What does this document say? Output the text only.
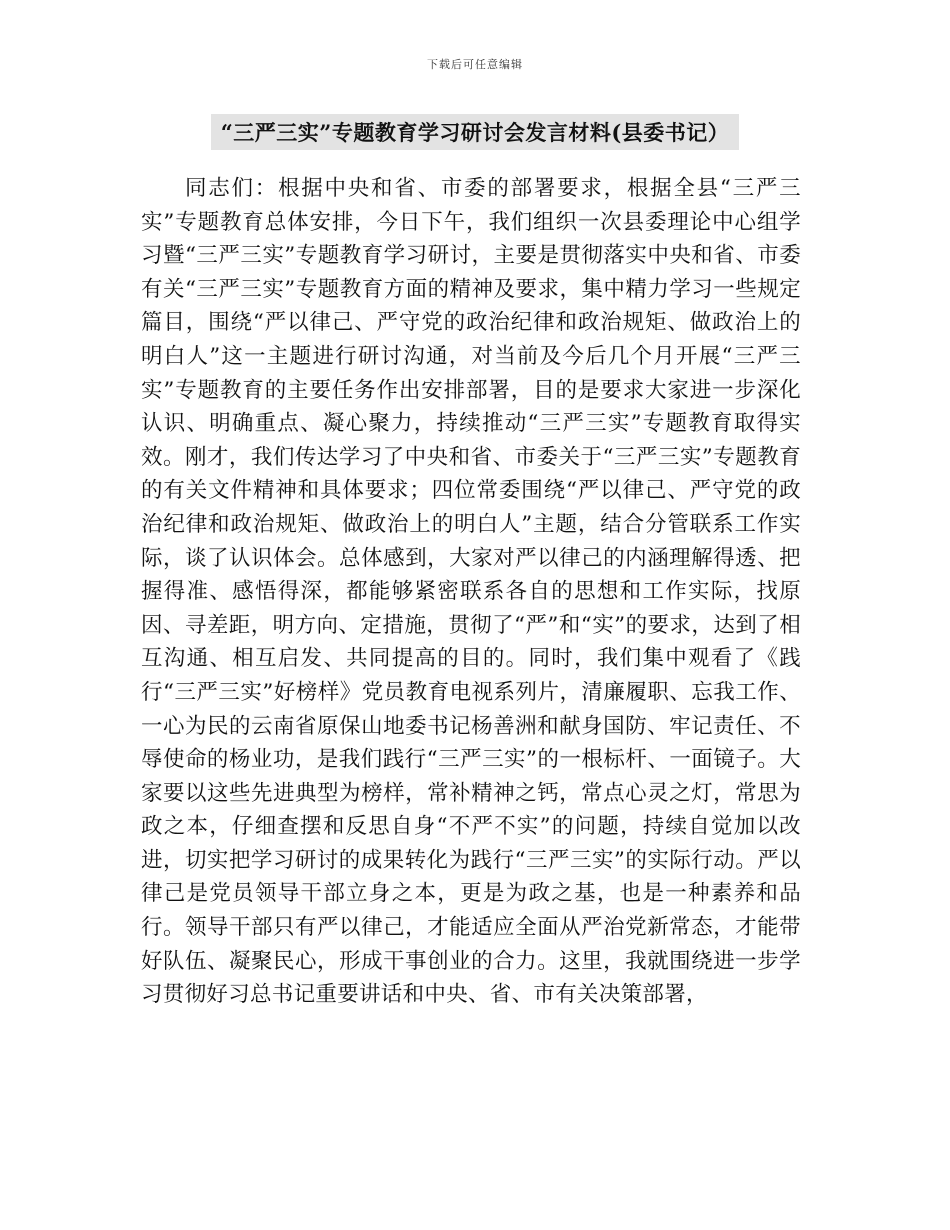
下载后可任意编辑
“三严三实”专题教育学习研讨会发言材料(县委书记）

同志们：根据中央和省、市委的部署要求，根据全县“三严三实”专题教育总体安排，今日下午，我们组织一次县委理论中心组学习暨“三严三实”专题教育学习研讨，主要是贯彻落实中央和省、市委有关“三严三实”专题教育方面的精神及要求，集中精力学习一些规定篇目，围绕“严以律己、严守党的政治纪律和政治规矩、做政治上的明白人”这一主题进行研讨沟通，对当前及今后几个月开展“三严三实”专题教育的主要任务作出安排部署，目的是要求大家进一步深化认识、明确重点、凝心聚力，持续推动“三严三实”专题教育取得实效。刚才，我们传达学习了中央和省、市委关于“三严三实”专题教育的有关文件精神和具体要求；四位常委围绕“严以律己、严守党的政治纪律和政治规矩、做政治上的明白人”主题，结合分管联系工作实际，谈了认识体会。总体感到，大家对严以律己的内涵理解得透、把握得准、感悟得深，都能够紧密联系各自的思想和工作实际，找原因、寻差距，明方向、定措施，贯彻了“严”和“实”的要求，达到了相互沟通、相互启发、共同提高的目的。同时，我们集中观看了《践行“三严三实”好榜样》党员教育电视系列片，清廉履职、忘我工作、一心为民的云南省原保山地委书记杨善洲和献身国防、牢记责任、不辱使命的杨业功，是我们践行“三严三实”的一根标杆、一面镜子。大家要以这些先进典型为榜样，常补精神之钙，常点心灵之灯，常思为政之本，仔细查摆和反思自身“不严不实”的问题，持续自觉加以改进，切实把学习研讨的成果转化为践行“三严三实”的实际行动。严以律己是党员领导干部立身之本，更是为政之基，也是一种素养和品行。领导干部只有严以律己，才能适应全面从严治党新常态，才能带好队伍、凝聚民心，形成干事创业的合力。这里，我就围绕进一步学习贯彻好习总书记重要讲话和中央、省、市有关决策部署，
